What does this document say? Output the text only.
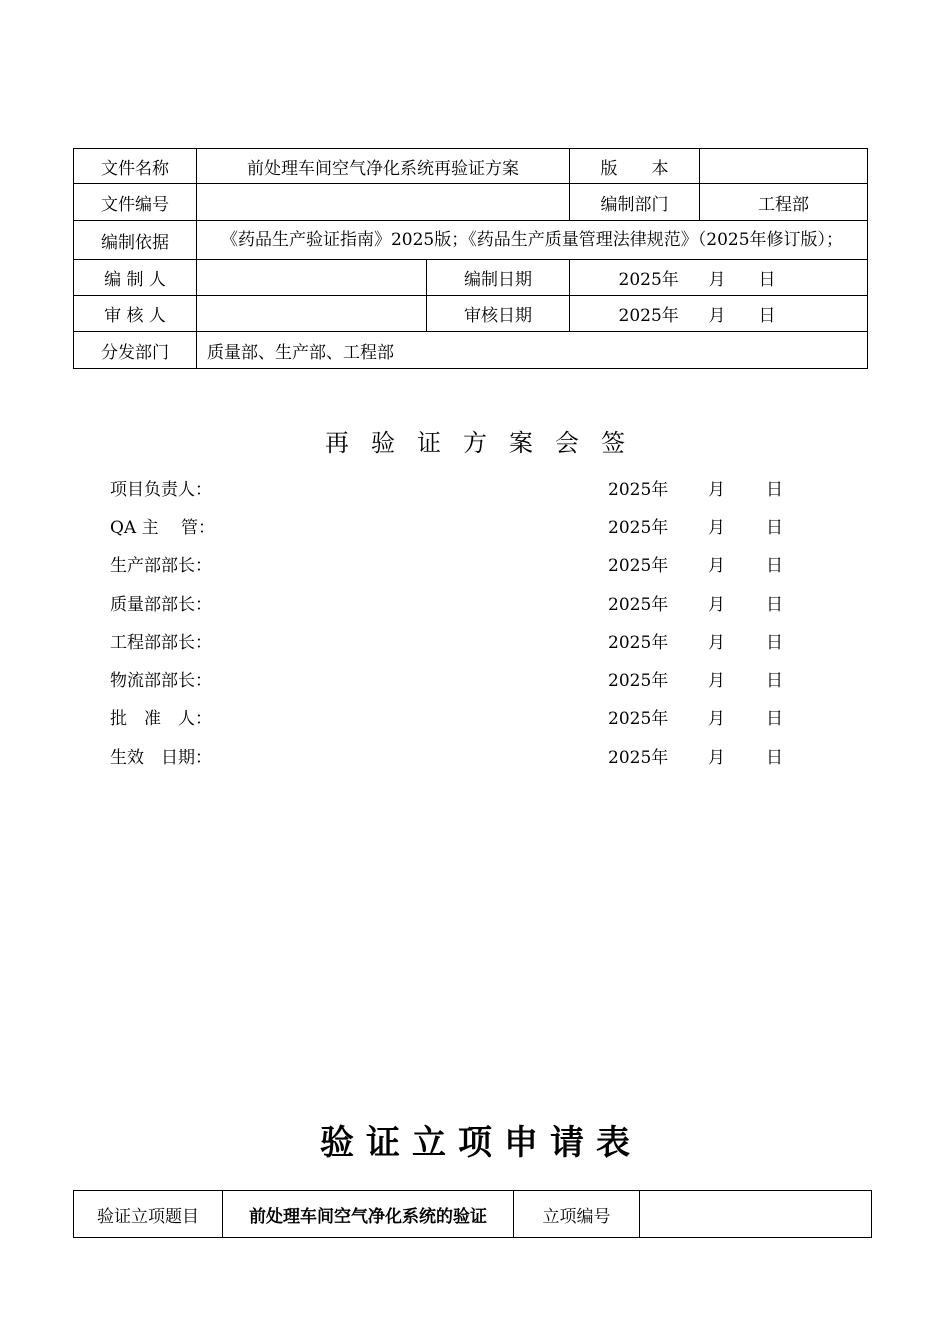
文件名称	前处理车间空气净化系统再验证方案		版　　本	
文件编号			编制部门	工程部
编制依据	《药品生产验证指南》2025版；《药品生产质量管理法律规范》（2025年修订版）；			
编 制 人		编制日期	2025年 月 日	
审 核 人		审核日期	2025年 月 日	
分发部门	质量部、生产部、工程部			
再验证方案会签
项目负责人：	2025年	月	日
QA 主　 管：	2025年	月	日
生产部部长：	2025年	月	日
质量部部长：	2025年	月	日
工程部部长：	2025年	月	日
物流部部长：	2025年	月	日
批　准　人：	2025年	月	日
生效　日期：	2025年	月	日
验证立项申请表
验证立项题目	前处理车间空气净化系统的验证	立项编号	
